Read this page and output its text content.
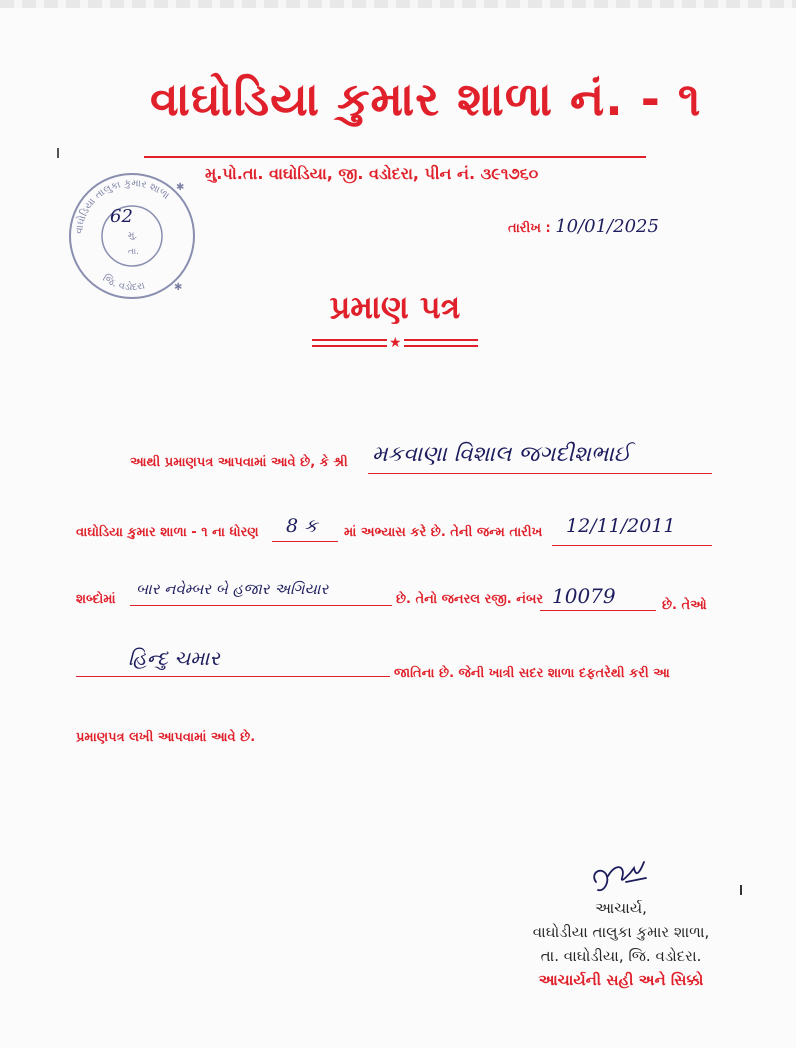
વાઘોડિયા કુમાર શાળા નં. - ૧
મુ.પો.તા. વાઘોડિયા, જી. વડોદરા, પીન નં. ૩૯૧૭૬૦
તારીખ : 10/01/2025
વાઘોડિયા તાલુકા કુમાર શાળા
જિ. વડોદરા
✱
✱
મુ.
તા.
62
પ્રમાણ પત્ર
★
આથી પ્રમાણપત્ર આપવામાં આવે છે, કે શ્રી મકવાણા વિશાલ જગદીશભાઈ
વાઘોડિયા કુમાર શાળા - ૧ ના ધોરણ 8 ક માં અભ્યાસ કરે છે. તેની જન્મ તારીખ 12/11/2011
શબ્દોમાં
બાર નવેમ્બર બે હજાર અગિયાર
છે. તેનો જનરલ રજી. નંબર 10079	છે. તેઓ
હિન્દુ ચમાર
જાતિના છે. જેની ખાત્રી સદર શાળા દફતરેથી કરી આ
પ્રમાણપત્ર લખી આપવામાં આવે છે.
આચાર્ય,
વાઘોડીયા તાલુકા કુમાર શાળા,
તા. વાઘોડીયા, જિ. વડોદરા.
આચાર્યની સહી અને સિક્કો
